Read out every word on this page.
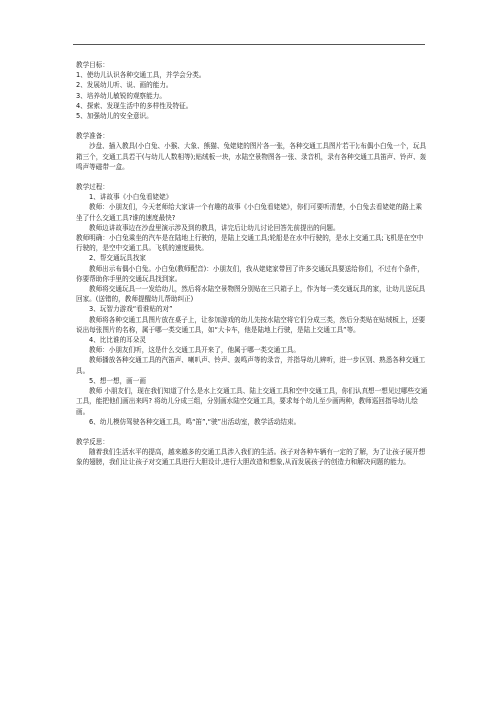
教学目标：

1、使幼儿认识各种交通工具，并学会分类。

2、发展幼儿听、说、画的能力。

3、培养幼儿敏锐的观察能力。

4、探索、发现生活中的多样性及特征。

5、加强幼儿的安全意识。

教学准备：

沙盘、插入教具(小白兔、小猴、大象、熊猫、兔姥姥的图片各一张，各种交通工具图片若干);布偶小白兔一个，玩具箱三个，交通工具若干(与幼儿人数相等);贴绒板一块，水陆空景物图各一张、录音机，录有各种交通工具笛声、铃声、轰鸣声等磁带一盒。

教学过程：

1、讲故事《小白兔看姥姥》

教师：小朋友们，今天老师给大家讲一个有趣的故事《小白兔看姥姥》，你们可要听清楚，小白兔去看姥姥的路上乘坐了什么交通工具?谁的速度最快?

教师边讲故事边在沙盘里演示涉及到的教具，讲完后让幼儿讨论回答先前提出的问题。

教师明确：小白兔乘坐的汽车是在陆地上行驶的，是陆上交通工具;轮船是在水中行驶的，是水上交通工具;飞机是在空中行驶的，是空中交通工具。飞机的速度最快。

2、帮交通玩具找家

教师出示布偶小白兔。小白兔(教师配音)：小朋友们，我从姥姥家带回了许多交通玩具要送给你们，不过有个条件，你要帮助你手里的交通玩具找到家。

教师将交通玩具一一发给幼儿，然后将水陆空景物图分别贴在三只箱子上，作为每一类交通玩具的家，让幼儿送玩具回家。(送错的，教师提醒幼儿帮助纠正)

3、玩智力游戏“看谁贴的对”

教师将各种交通工具图片放在桌子上，让参加游戏的幼儿先按水陆空将它们分成三类，然后分类贴在贴绒板上，还要说出每张图片的名称，属于哪一类交通工具，如“大卡车，他是陆地上行驶，是陆上交通工具”等。

4、比比谁的耳朵灵

教师：小朋友们听，这是什么交通工具开来了，他属于哪一类交通工具。

教师播放各种交通工具的汽笛声、喇叭声、铃声、轰鸣声等的录音，并指导幼儿辨听，进一步区别、熟悉各种交通工具。

5、想一想，画一画

教师 小朋友们，现在我们知道了什么是水上交通工具、陆上交通工具和空中交通工具，你们认真想一想见过哪些交通工具，能把他们画出来吗? 将幼儿分成三组，分别画水陆空交通工具，要求每个幼儿至少画两种，教师巡回指导幼儿绘画。

6、幼儿模仿驾驶各种交通工具，鸣“笛”,“驶”出活动室，教学活动结束。

教学反思：

随着我们生活水平的提高，越来越多的交通工具涉入我们的生活。孩子对各种车辆有一定的了解，为了让孩子展开想象的翅膀，我们让让孩子对交通工具进行大胆设计,进行大胆改造和想象,从而发展孩子的创造力和解决问题的能力。
